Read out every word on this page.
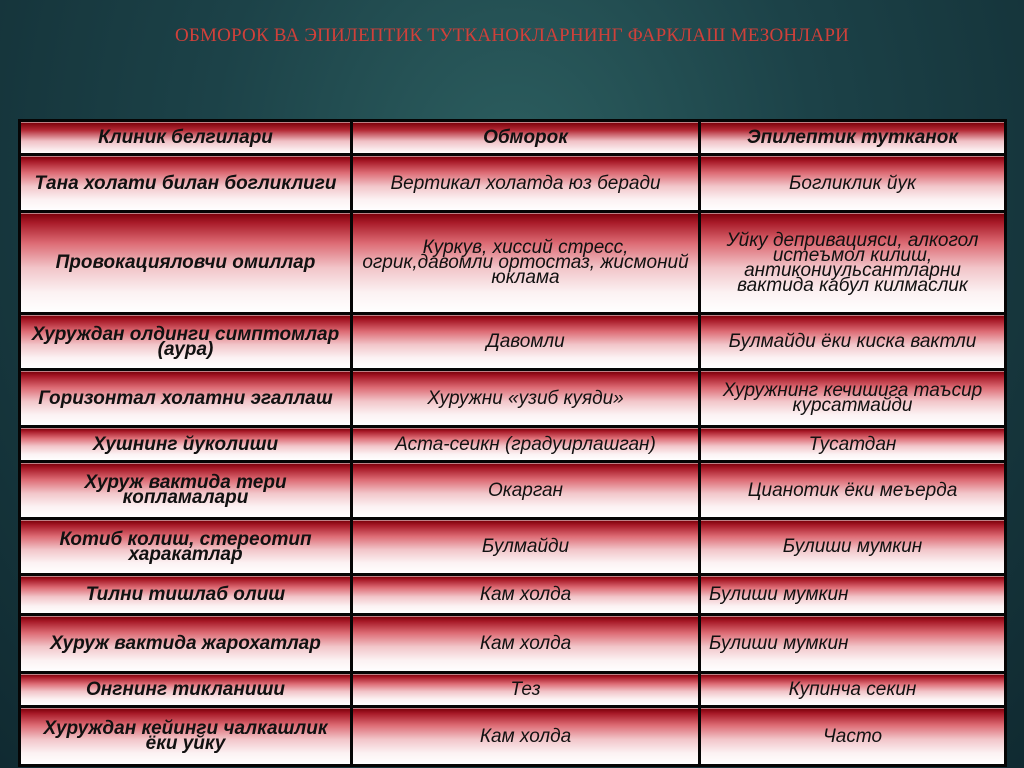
ОБМОРОК ВА ЭПИЛЕПТИК ТУТКАНОКЛАРНИНГ ФАРКЛАШ МЕЗОНЛАРИ
Клиник белгилари	Обморок	Эпилептик тутканок
Тана холати билан богликлиги	Вертикал холатда юз беради	Богликлик йук
Провокацияловчи омиллар	Куркув, хиссий стресс, огрик,давомли ортостаз, жисмоний юклама	Уйку депривацияси, алкогол истеъмол килиш, антикониульсантларни вактида кабул килмаслик
Хуруждан олдинги симптомлар (аура)	Давомли	Булмайди ёки киска вактли
Горизонтал холатни эгаллаш	Хуружни «узиб куяди»	Хуружнинг кечишига таъсир курсатмайди
Хушнинг йуколиши	Аста-сеикн (градуирлашган)	Тусатдан
Хуруж вактида тери копламалари	Окарган	Цианотик ёки меъерда
Котиб колиш, стереотип харакатлар	Булмайди	Булиши мумкин
Тилни тишлаб олиш	Кам холда	Булиши мумкин
Хуруж вактида жарохатлар	Кам холда	Булиши мумкин
Онгнинг тикланиши	Тез	Купинча секин
Хуруждан кейинги чалкашлик ёки уйку	Кам холда	Часто
